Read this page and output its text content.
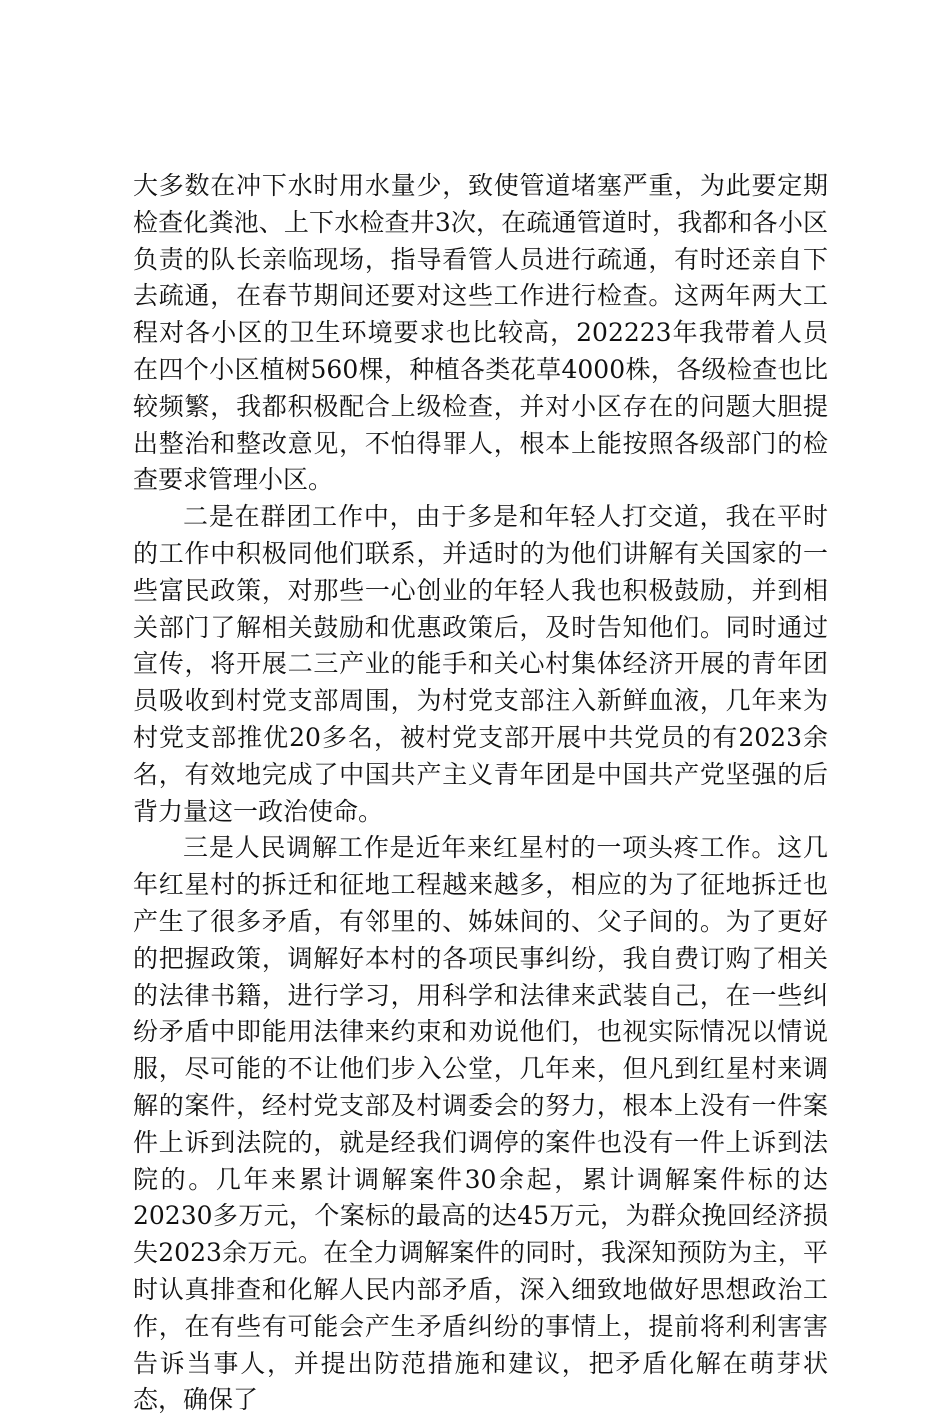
大多数在冲下水时用水量少，致使管道堵塞严重，为此要定期检查化粪池、上下水检查井3次，在疏通管道时，我都和各小区负责的队长亲临现场，指导看管人员进行疏通，有时还亲自下去疏通，在春节期间还要对这些工作进行检查。这两年两大工程对各小区的卫生环境要求也比较高，202223年我带着人员在四个小区植树560棵，种植各类花草4000株，各级检查也比较频繁，我都积极配合上级检查，并对小区存在的问题大胆提出整治和整改意见，不怕得罪人，根本上能按照各级部门的检查要求管理小区。

二是在群团工作中，由于多是和年轻人打交道，我在平时的工作中积极同他们联系，并适时的为他们讲解有关国家的一些富民政策，对那些一心创业的年轻人我也积极鼓励，并到相关部门了解相关鼓励和优惠政策后，及时告知他们。同时通过宣传，将开展二三产业的能手和关心村集体经济开展的青年团员吸收到村党支部周围，为村党支部注入新鲜血液，几年来为村党支部推优20多名，被村党支部开展中共党员的有2023余名，有效地完成了中国共产主义青年团是中国共产党坚强的后背力量这一政治使命。

三是人民调解工作是近年来红星村的一项头疼工作。这几年红星村的拆迁和征地工程越来越多，相应的为了征地拆迁也产生了很多矛盾，有邻里的、姊妹间的、父子间的。为了更好的把握政策，调解好本村的各项民事纠纷，我自费订购了相关的法律书籍，进行学习，用科学和法律来武装自己，在一些纠纷矛盾中即能用法律来约束和劝说他们，也视实际情况以情说服，尽可能的不让他们步入公堂，几年来，但凡到红星村来调解的案件，经村党支部及村调委会的努力，根本上没有一件案件上诉到法院的，就是经我们调停的案件也没有一件上诉到法院的。几年来累计调解案件30余起，累计调解案件标的达20230多万元，个案标的最高的达45万元，为群众挽回经济损失2023余万元。在全力调解案件的同时，我深知预防为主，平时认真排查和化解人民内部矛盾，深入细致地做好思想政治工作，在有些有可能会产生矛盾纠纷的事情上，提前将利利害害告诉当事人，并提出防范措施和建议，把矛盾化解在萌芽状态，确保了
